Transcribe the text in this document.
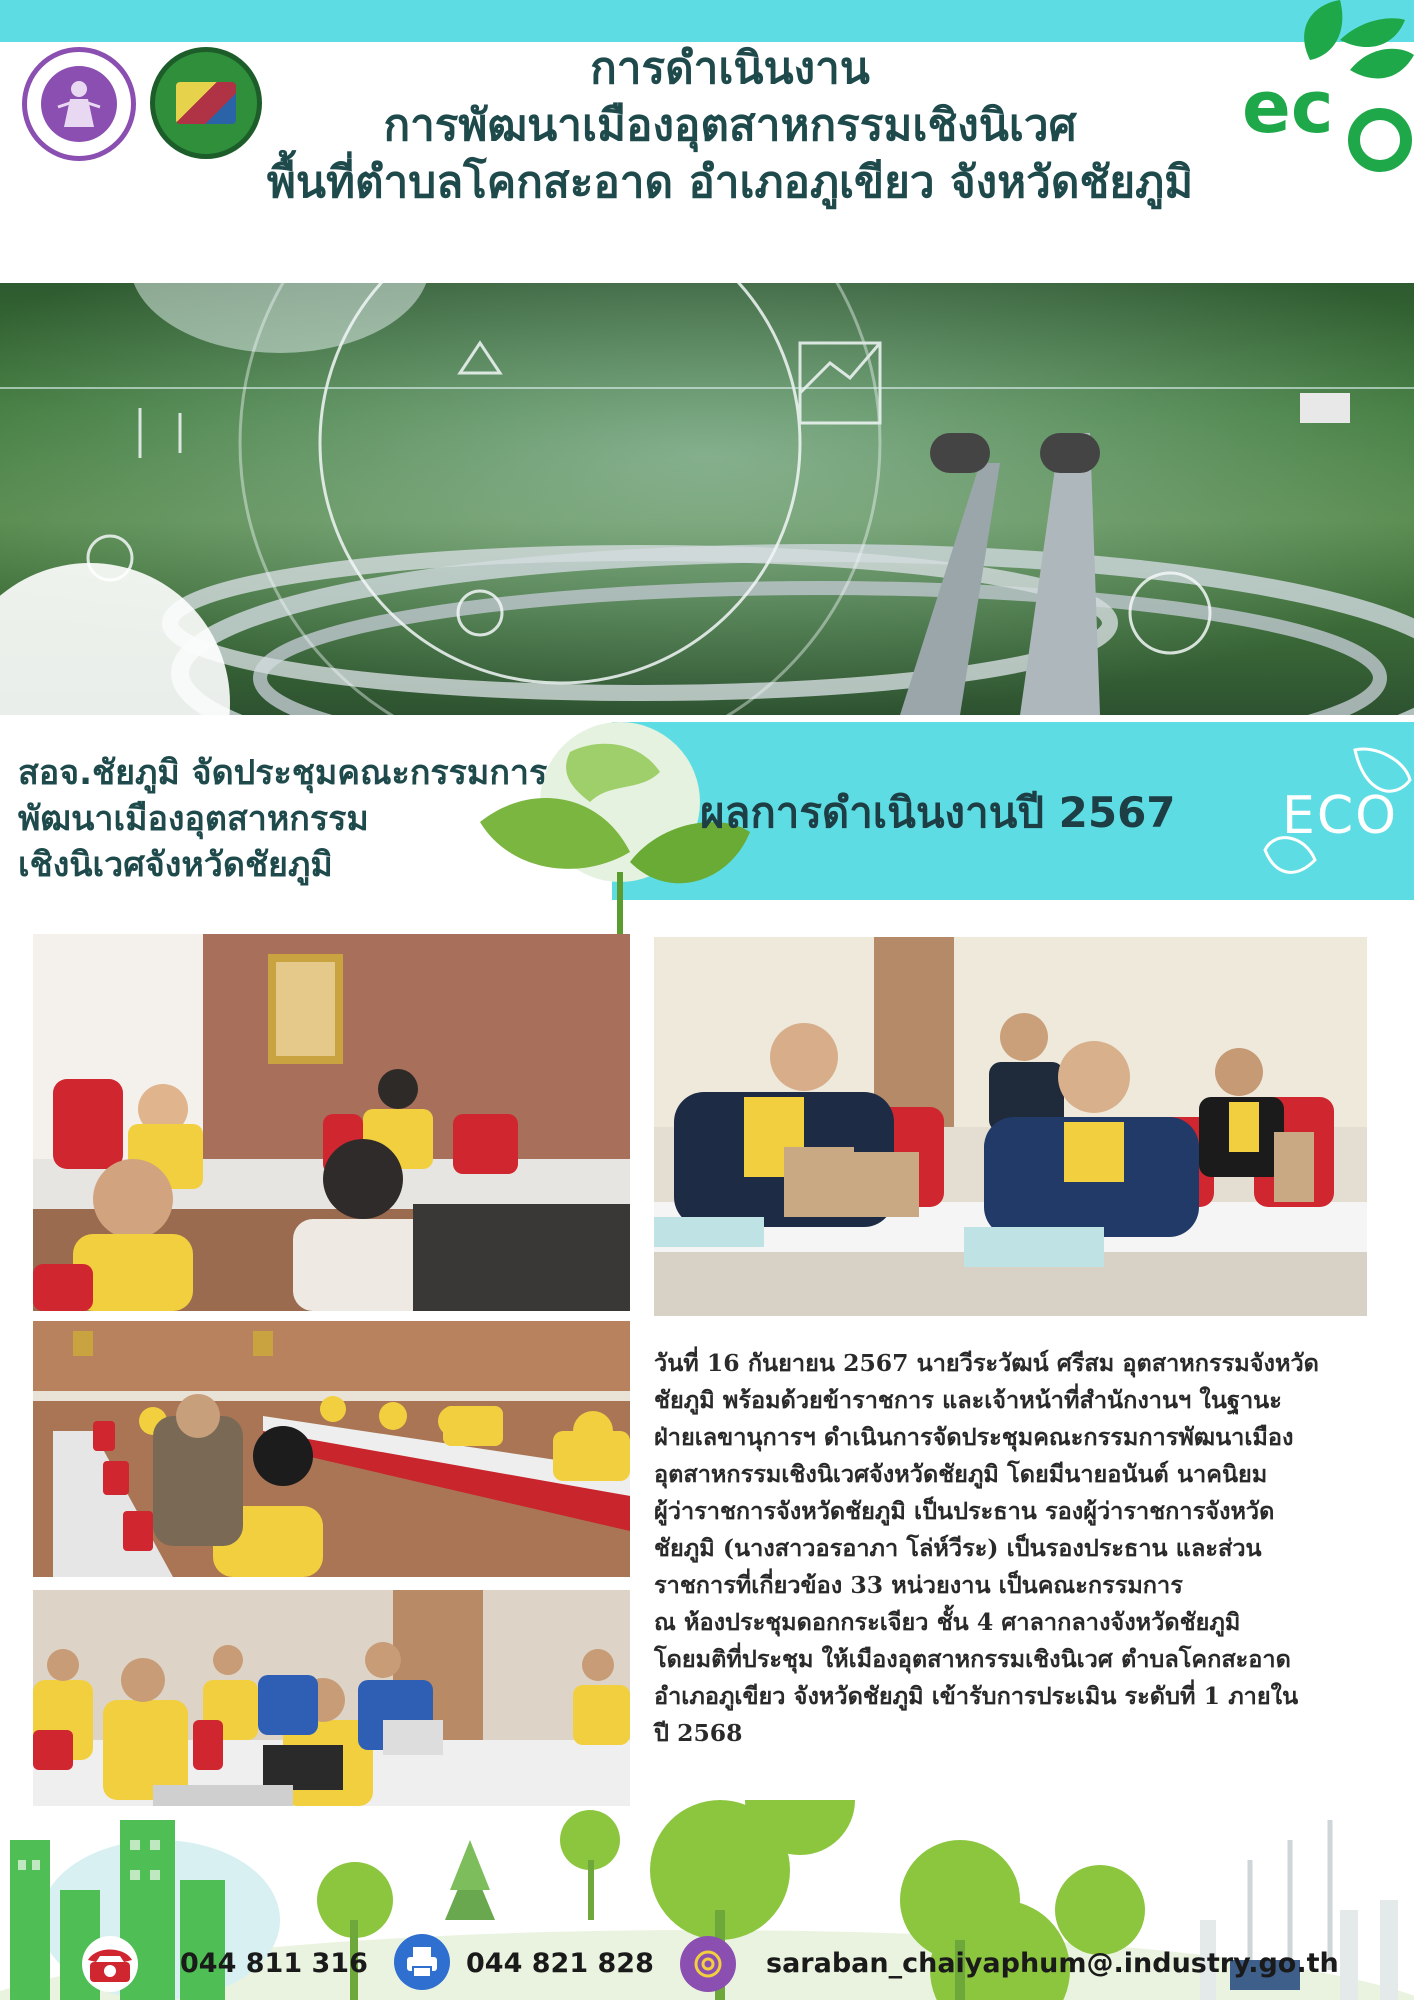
การดำเนินงาน
การพัฒนาเมืองอุตสาหกรรมเชิงนิเวศ
พื้นที่ตำบลโคกสะอาด อำเภอภูเขียว จังหวัดชัยภูมิ
ec
ผลการดำเนินงานปี 2567 ECO
สอจ.ชัยภูมิ จัดประชุมคณะกรรมการ
พัฒนาเมืองอุตสาหกรรม
เชิงนิเวศจังหวัดชัยภูมิ

วันที่ 16 กันยายน 2567 นายวีระวัฒน์ ศรีสม อุตสาหกรรมจังหวัด

ชัยภูมิ พร้อมด้วยข้าราชการ และเจ้าหน้าที่สำนักงานฯ ในฐานะ

ฝ่ายเลขานุการฯ ดำเนินการจัดประชุมคณะกรรมการพัฒนาเมือง

อุตสาหกรรมเชิงนิเวศจังหวัดชัยภูมิ โดยมีนายอนันต์ นาคนิยม

ผู้ว่าราชการจังหวัดชัยภูมิ เป็นประธาน รองผู้ว่าราชการจังหวัด

ชัยภูมิ (นางสาวอรอาภา โล่ห์วีระ) เป็นรองประธาน และส่วน

ราชการที่เกี่ยวข้อง 33 หน่วยงาน เป็นคณะกรรมการ

ณ ห้องประชุมดอกกระเจียว ชั้น 4 ศาลากลางจังหวัดชัยภูมิ

โดยมติที่ประชุม ให้เมืองอุตสาหกรรมเชิงนิเวศ ตำบลโคกสะอาด

อำเภอภูเขียว จังหวัดชัยภูมิ เข้ารับการประเมิน ระดับที่ 1 ภายใน

ปี 2568

044 811 316	044 821 828	saraban_chaiyaphum@.industry.go.th
